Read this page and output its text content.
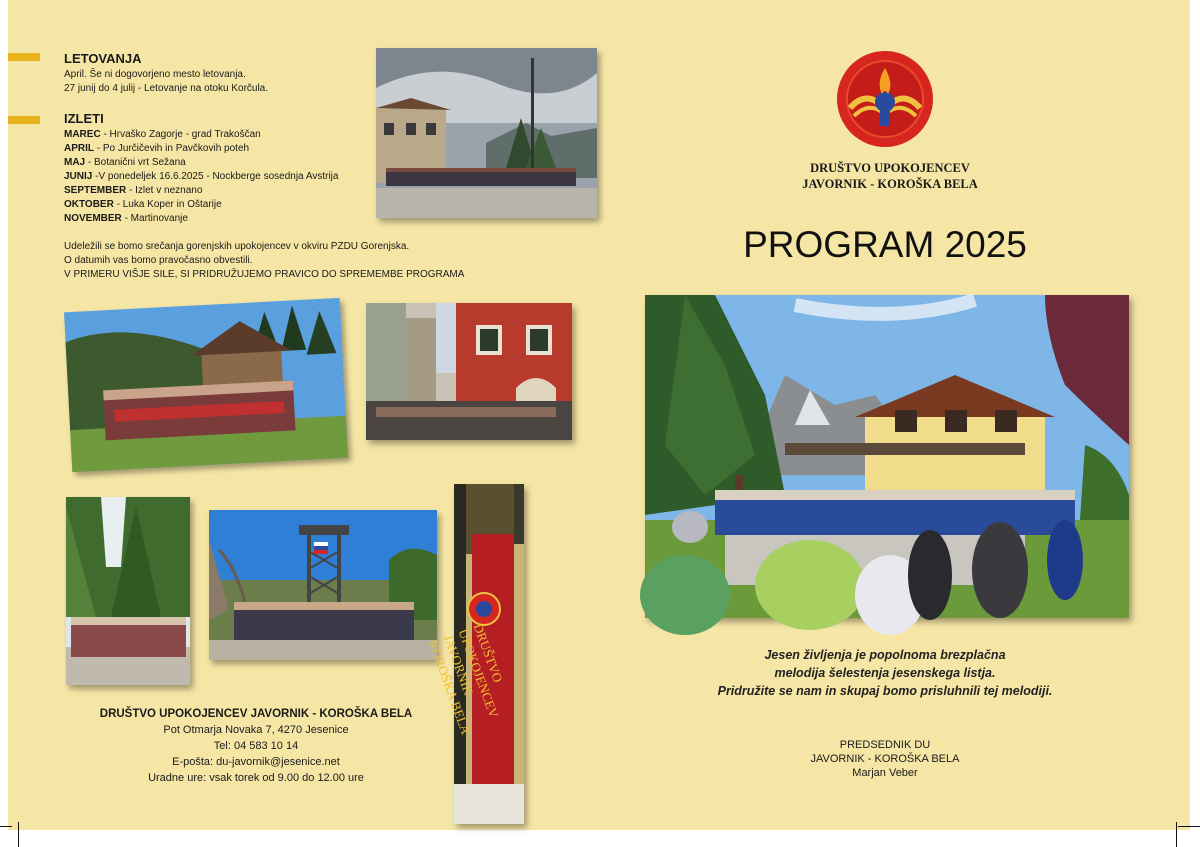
LETOVANJA
April. Še ni dogovorjeno mesto letovanja.
27 junij do 4 julij - Letovanje na otoku Korčula.
IZLETI
MAREC - Hrvaško Zagorje - grad Trakoščan
APRIL - Po Jurčičevih in Pavčkovih poteh
MAJ - Botanični vrt Sežana
JUNIJ -V ponedeljek 16.6.2025 - Nockberge sosednja Avstrija
SEPTEMBER - Izlet v neznano
OKTOBER - Luka Koper in Oštarije
NOVEMBER - Martinovanje
Udeležili se bomo srečanja gorenjskih upokojencev v okviru PZDU Gorenjska.
O datumih vas bomo pravočasno obvestili.
V PRIMERU VIŠJE SILE, SI PRIDRUŽUJEMO PRAVICO DO SPREMEMBE PROGRAMA
DRUŠTVO UPOKOJENCEV JAVORNIK KOROŠKA BELA
DRUŠTVO UPOKOJENCEV JAVORNIK - KOROŠKA BELA
Pot Otmarja Novaka 7, 4270 Jesenice
Tel: 04 583 10 14
E-pošta: du-javornik@jesenice.net
Uradne ure: vsak torek od 9.00 do 12.00 ure
DRUŠTVO UPOKOJENCEV
JAVORNIK - KOROŠKA BELA
PROGRAM 2025
Jesen življenja je popolnoma brezplačna
melodija šelestenja jesenskega listja.
Pridružite se nam in skupaj bomo prisluhnili tej melodiji.
PREDSEDNIK DU
JAVORNIK - KOROŠKA BELA
Marjan Veber
